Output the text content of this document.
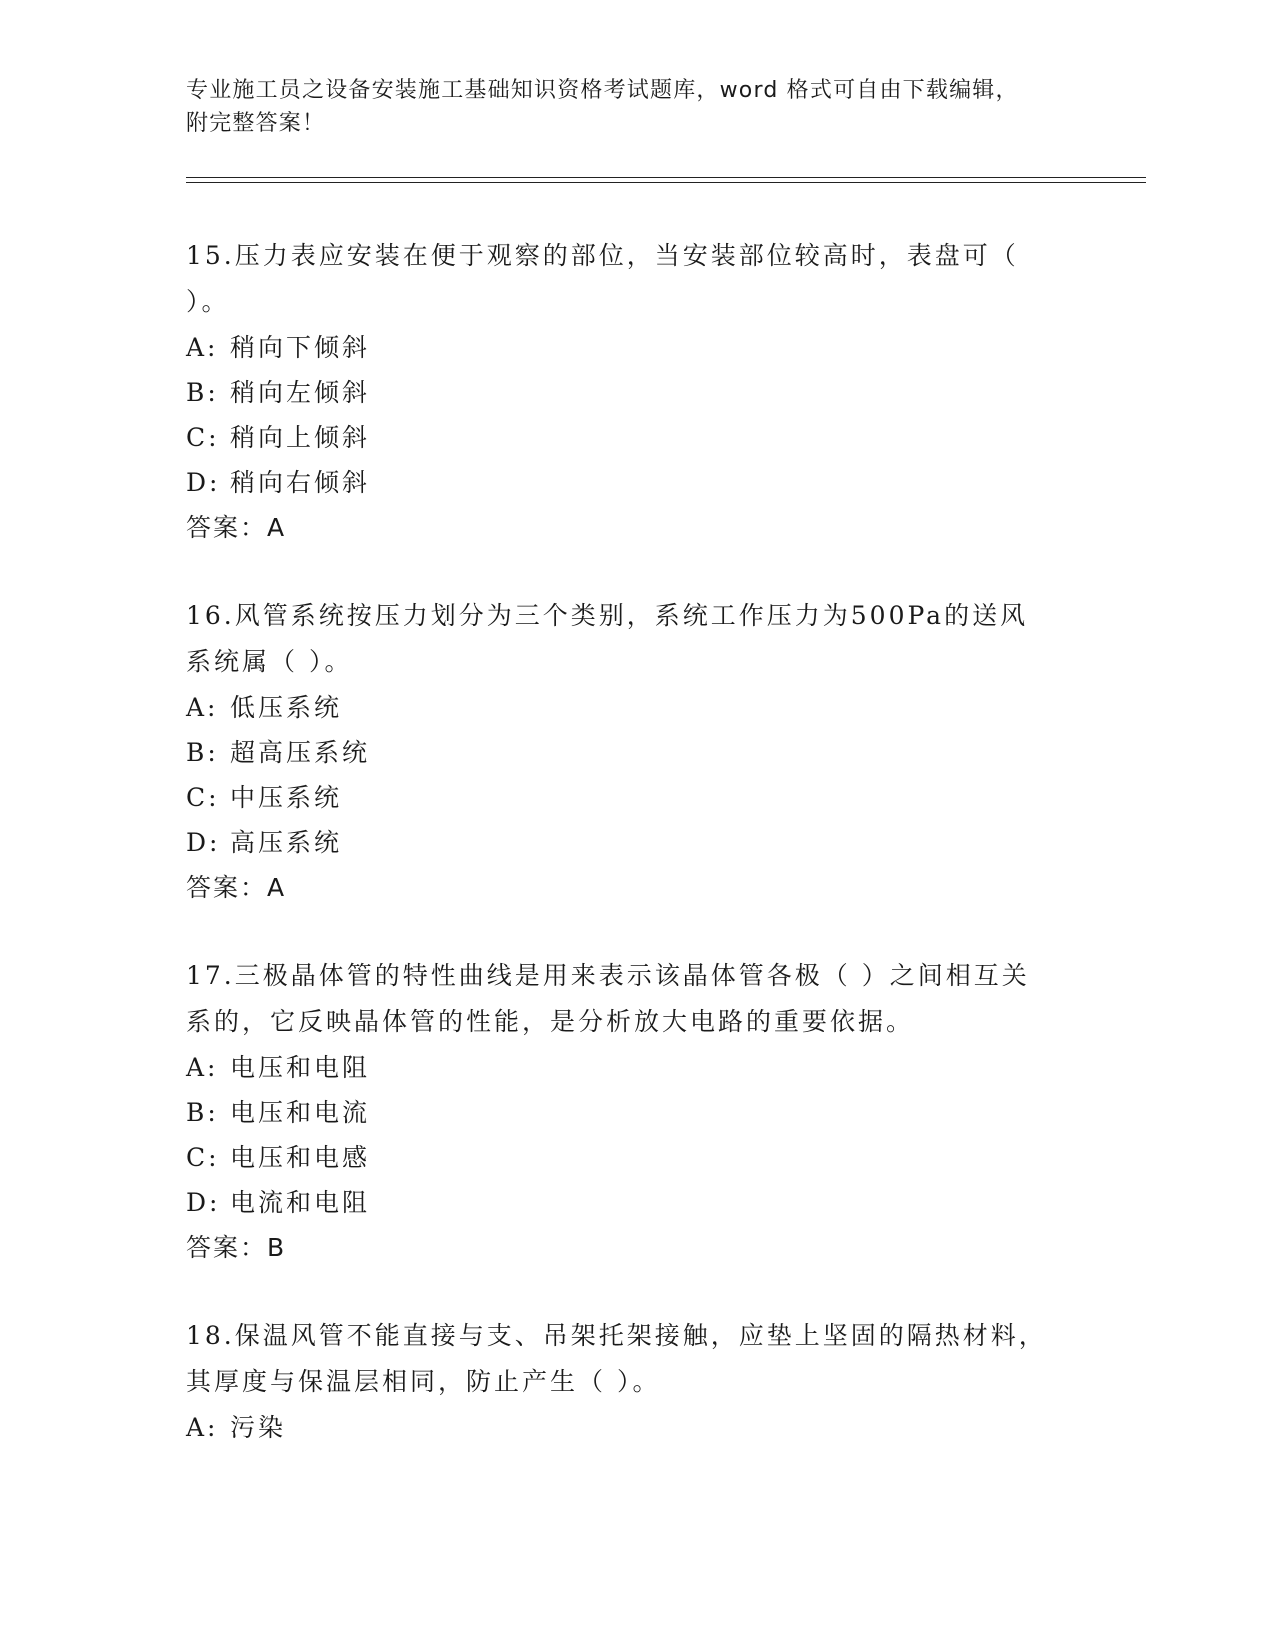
专业施工员之设备安装施工基础知识资格考试题库，word 格式可自由下载编辑，
附完整答案！
15.压力表应安装在便于观察的部位，当安装部位较高时，表盘可（ ）。
A: 稍向下倾斜
B: 稍向左倾斜
C: 稍向上倾斜
D: 稍向右倾斜
答案：A
16.风管系统按压力划分为三个类别，系统工作压力为500Pa的送风系统属（ ）。
A: 低压系统
B: 超高压系统
C: 中压系统
D: 高压系统
答案：A
17.三极晶体管的特性曲线是用来表示该晶体管各极（ ）之间相互关系的，它反映晶体管的性能，是分析放大电路的重要依据。
A: 电压和电阻
B: 电压和电流
C: 电压和电感
D: 电流和电阻
答案：B
18.保温风管不能直接与支、吊架托架接触，应垫上坚固的隔热材料，其厚度与保温层相同，防止产生（ ）。
A: 污染
